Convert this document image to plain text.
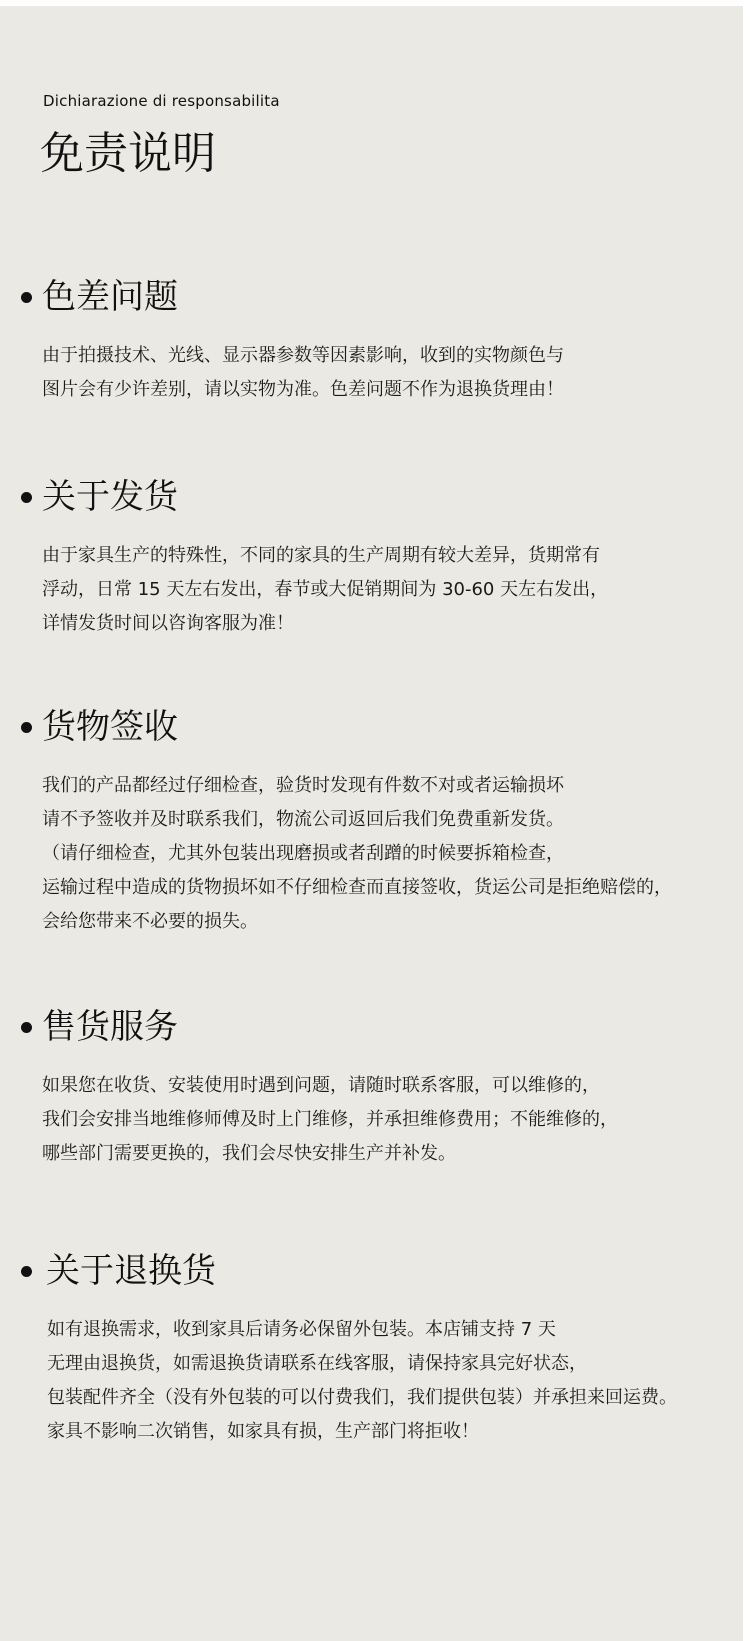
Dichiarazione di responsabilita
免责说明
色差问题
由于拍摄技术、光线、显示器参数等因素影响，收到的实物颜色与
图片会有少许差别，请以实物为准。色差问题不作为退换货理由！
关于发货
由于家具生产的特殊性，不同的家具的生产周期有较大差异，货期常有
浮动，日常 15 天左右发出，春节或大促销期间为 30-60 天左右发出，
详情发货时间以咨询客服为准！
货物签收
我们的产品都经过仔细检查，验货时发现有件数不对或者运输损坏
请不予签收并及时联系我们，物流公司返回后我们免费重新发货。
（请仔细检查，尤其外包装出现磨损或者刮蹭的时候要拆箱检查，
运输过程中造成的货物损坏如不仔细检查而直接签收，货运公司是拒绝赔偿的，
会给您带来不必要的损失。
售货服务
如果您在收货、安装使用时遇到问题，请随时联系客服，可以维修的，
我们会安排当地维修师傅及时上门维修，并承担维修费用；不能维修的，
哪些部门需要更换的，我们会尽快安排生产并补发。
关于退换货
如有退换需求，收到家具后请务必保留外包装。本店铺支持 7 天
无理由退换货，如需退换货请联系在线客服，请保持家具完好状态，
包装配件齐全（没有外包装的可以付费我们，我们提供包装）并承担来回运费。
家具不影响二次销售，如家具有损，生产部门将拒收！
